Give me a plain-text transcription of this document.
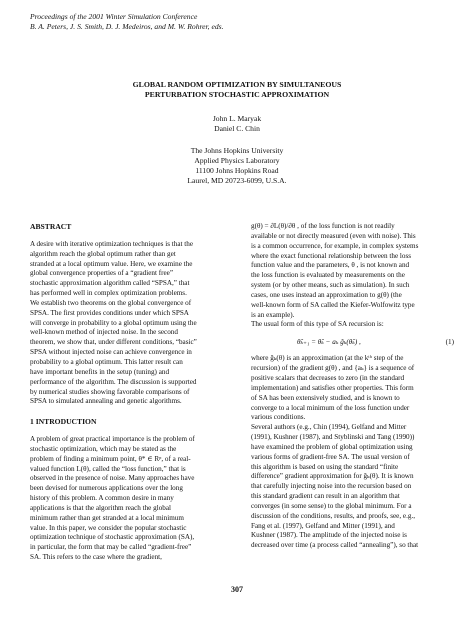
Proceedings of the 2001 Winter Simulation Conference
B. A. Peters, J. S. Smith, D. J. Medeiros, and M. W. Rohrer, eds.
GLOBAL RANDOM OPTIMIZATION BY SIMULTANEOUS
PERTURBATION STOCHASTIC APPROXIMATION
John L. Maryak
Daniel C. Chin
The Johns Hopkins University
Applied Physics Laboratory
11100 Johns Hopkins Road
Laurel, MD 20723-6099, U.S.A.
ABSTRACT
A desire with iterative optimization techniques is that the
algorithm reach the global optimum rather than get
stranded at a local optimum value. Here, we examine the
global convergence properties of a “gradient free”
stochastic approximation algorithm called “SPSA,” that
has performed well in complex optimization problems.
We establish two theorems on the global convergence of
SPSA. The first provides conditions under which SPSA
will converge in probability to a global optimum using the
well-known method of injected noise. In the second
theorem, we show that, under different conditions, “basic”
SPSA without injected noise can achieve convergence in
probability to a global optimum. This latter result can
have important benefits in the setup (tuning) and
performance of the algorithm. The discussion is supported
by numerical studies showing favorable comparisons of
SPSA to simulated annealing and genetic algorithms.
1 INTRODUCTION
A problem of great practical importance is the problem of
stochastic optimization, which may be stated as the
problem of finding a minimum point, θ* ∈ Rᵖ, of a real-
valued function L(θ), called the “loss function,” that is
observed in the presence of noise. Many approaches have
been devised for numerous applications over the long
history of this problem. A common desire in many
applications is that the algorithm reach the global
minimum rather than get stranded at a local minimum
value. In this paper, we consider the popular stochastic
optimization technique of stochastic approximation (SA),
in particular, the form that may be called “gradient-free”
SA. This refers to the case where the gradient,
g(θ) = ∂L(θ)/∂θ , of the loss function is not readily
available or not directly measured (even with noise). This
is a common occurrence, for example, in complex systems
where the exact functional relationship between the loss
function value and the parameters, θ , is not known and
the loss function is evaluated by measurements on the
system (or by other means, such as simulation). In such
cases, one uses instead an approximation to g(θ) (the
well-known form of SA called the Kiefer-Wolfowitz type
is an example).
The usual form of this type of SA recursion is:
θ̂ₖ₊₁ = θ̂ₖ − aₖ ĝₖ(θ̂ₖ) ,	(1)
where ĝₖ(θ) is an approximation (at the kᵗʰ step of the
recursion) of the gradient g(θ) , and {aₖ} is a sequence of
positive scalars that decreases to zero (in the standard
implementation) and satisfies other properties. This form
of SA has been extensively studied, and is known to
converge to a local minimum of the loss function under
various conditions.
Several authors (e.g., Chin (1994), Gelfand and Mitter
(1991), Kushner (1987), and Styblinski and Tang (1990))
have examined the problem of global optimization using
various forms of gradient-free SA. The usual version of
this algorithm is based on using the standard “finite
difference” gradient approximation for ĝₖ(θ). It is known
that carefully injecting noise into the recursion based on
this standard gradient can result in an algorithm that
converges (in some sense) to the global minimum. For a
discussion of the conditions, results, and proofs, see, e.g.,
Fang et al. (1997), Gelfand and Mitter (1991), and
Kushner (1987). The amplitude of the injected noise is
decreased over time (a process called “annealing”), so that
307
